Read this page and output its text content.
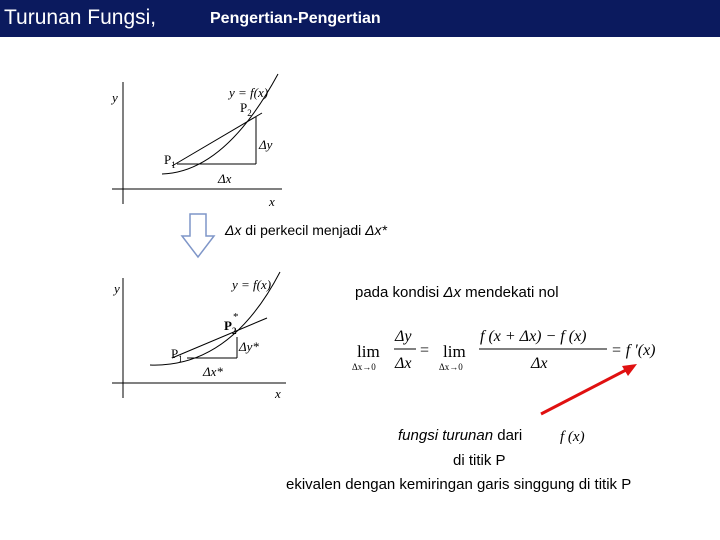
Turunan Fungsi,	Pengertian-Pengertian
y
x
y = f(x)
$P_2$
$P_1$
Δy
Δx
y
x
y = f(x)
$P_2$
*
$P_1$
Δy*
Δx*
lim
Δx→0
Δy
Δx
= lim
Δx→0
f (x + Δx) − f (x)
Δx
= f ′(x)
f (x)
Δx di perkecil menjadi Δx*
pada kondisi Δx mendekati nol
fungsi turunan dari
di titik P
ekivalen dengan kemiringan garis singgung di titik P
